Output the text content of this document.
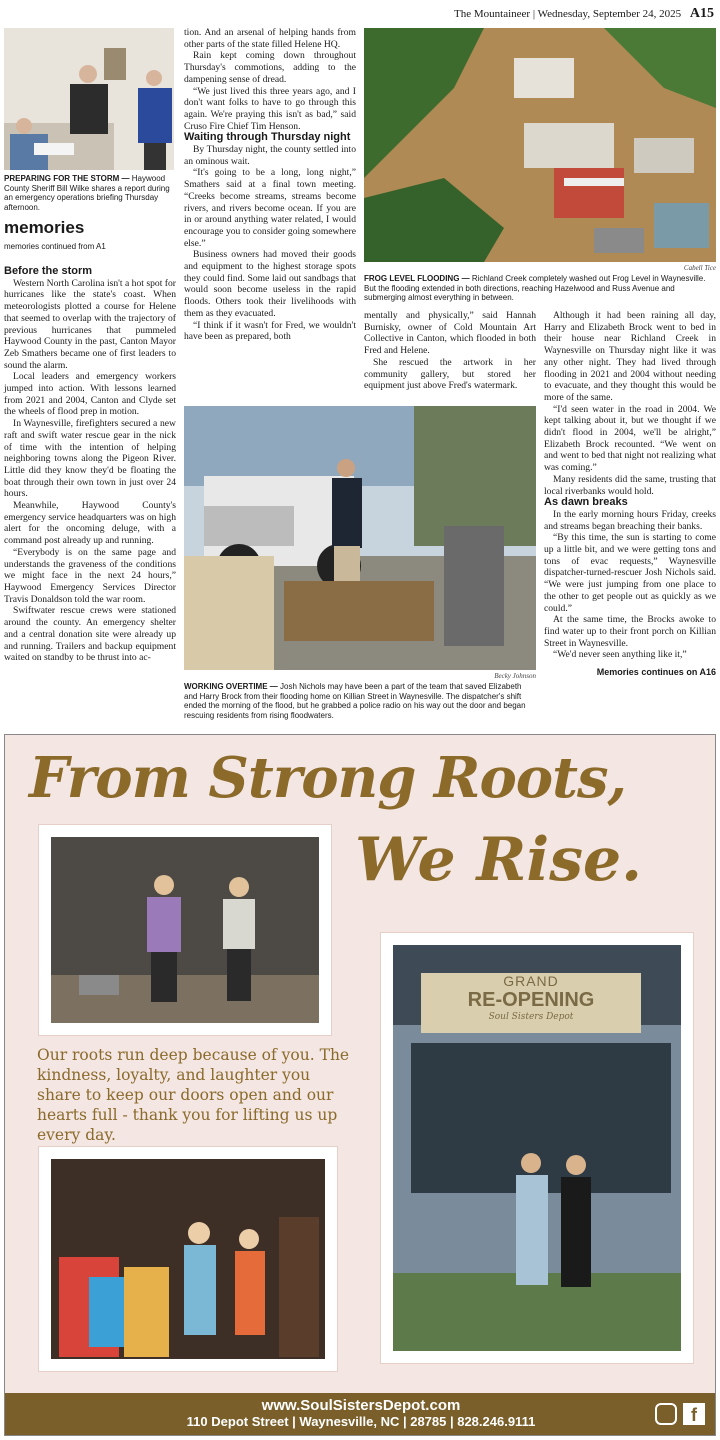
The Mountaineer | Wednesday, September 24, 2025 A15
PREPARING FOR THE STORM — Haywood County Sheriff Bill Wilke shares a report during an emergency operations briefing Thursday afternoon.
memories
memories continued from A1

Before the storm

Western North Carolina isn't a hot spot for hurricanes like the state's coast. When meteorologists plotted a course for Helene that seemed to overlap with the trajectory of previous hurricanes that pummeled Haywood County in the past, Canton Mayor Zeb Smathers became one of first leaders to sound the alarm.

Local leaders and emergency workers jumped into action. With lessons learned from 2021 and 2004, Canton and Clyde set the wheels of flood prep in motion.

In Waynesville, firefighters secured a new raft and swift water rescue gear in the nick of time with the intention of helping neighboring towns along the Pigeon River. Little did they know they'd be floating the boat through their own town in just over 24 hours.

Meanwhile, Haywood County's emergency service headquarters was on high alert for the oncoming deluge, with a command post already up and running.

“Everybody is on the same page and understands the graveness of the conditions we might face in the next 24 hours,” Haywood Emergency Services Director Travis Donaldson told the war room.

Swiftwater rescue crews were stationed around the county. An emergency shelter and a central donation site were already up and running. Trailers and backup equipment waited on standby to be thrust into ac-

tion. And an arsenal of helping hands from other parts of the state filled Helene HQ.

Rain kept coming down throughout Thursday's commotions, adding to the dampening sense of dread.

“We just lived this three years ago, and I don't want folks to have to go through this again. We're praying this isn't as bad,” said Cruso Fire Chief Tim Henson.

Waiting through Thursday night

By Thursday night, the county settled into an ominous wait.

“It's going to be a long, long night,” Smathers said at a final town meeting. “Creeks become streams, streams become rivers, and rivers become ocean. If you are in or around anything water related, I would encourage you to consider going somewhere else.”

Business owners had moved their goods and equipment to the highest storage spots they could find. Some laid out sandbags that would soon become useless in the rapid floods. Others took their livelihoods with them as they evacuated.

“I think if it wasn't for Fred, we wouldn't have been as prepared, both

Cabell Tice
FROG LEVEL FLOODING — Richland Creek completely washed out Frog Level in Waynesville. But the flooding extended in both directions, reaching Hazelwood and Russ Avenue and submerging almost everything in between.

mentally and physically,” said Hannah Burnisky, owner of Cold Mountain Art Collective in Canton, which flooded in both Fred and Helene.

She rescued the artwork in her community gallery, but stored her equipment just above Fred's watermark.

Although it had been raining all day, Harry and Elizabeth Brock went to bed in their house near Richland Creek in Waynesville on Thursday night like it was any other night. They had lived through flooding in 2021 and 2004 without needing to evacuate, and they thought this would be more of the same.

“I'd seen water in the road in 2004. We kept talking about it, but we thought if we didn't flood in 2004, we'll be alright,” Elizabeth Brock recounted. “We went on and went to bed that night not realizing what was coming.”

Many residents did the same, trusting that local riverbanks would hold.

As dawn breaks

In the early morning hours Friday, creeks and streams began breaching their banks.

“By this time, the sun is starting to come up a little bit, and we were getting tons and tons of evac requests,” Waynesville dispatcher-turned-rescuer Josh Nichols said. “We were just jumping from one place to the other to get people out as quickly as we could.”

At the same time, the Brocks awoke to find water up to their front porch on Killian Street in Waynesville.

“We'd never seen anything like it,”

Memories continues on A16

Becky Johnson
WORKING OVERTIME — Josh Nichols may have been a part of the team that saved Elizabeth and Harry Brock from their flooding home on Killian Street in Waynesville. The dispatcher's shift ended the morning of the flood, but he grabbed a police radio on his way out the door and began rescuing residents from rising floodwaters.
From Strong Roots,
We Rise.
Our roots run deep because of you. The kindness, loyalty, and laughter you share to keep our doors open and our hearts full - thank you for lifting us up every day.
GRAND
RE-OPENING
Soul Sisters Depot
www.SoulSistersDepot.com
110 Depot Street | Waynesville, NC | 28785 | 828.246.9111	f
